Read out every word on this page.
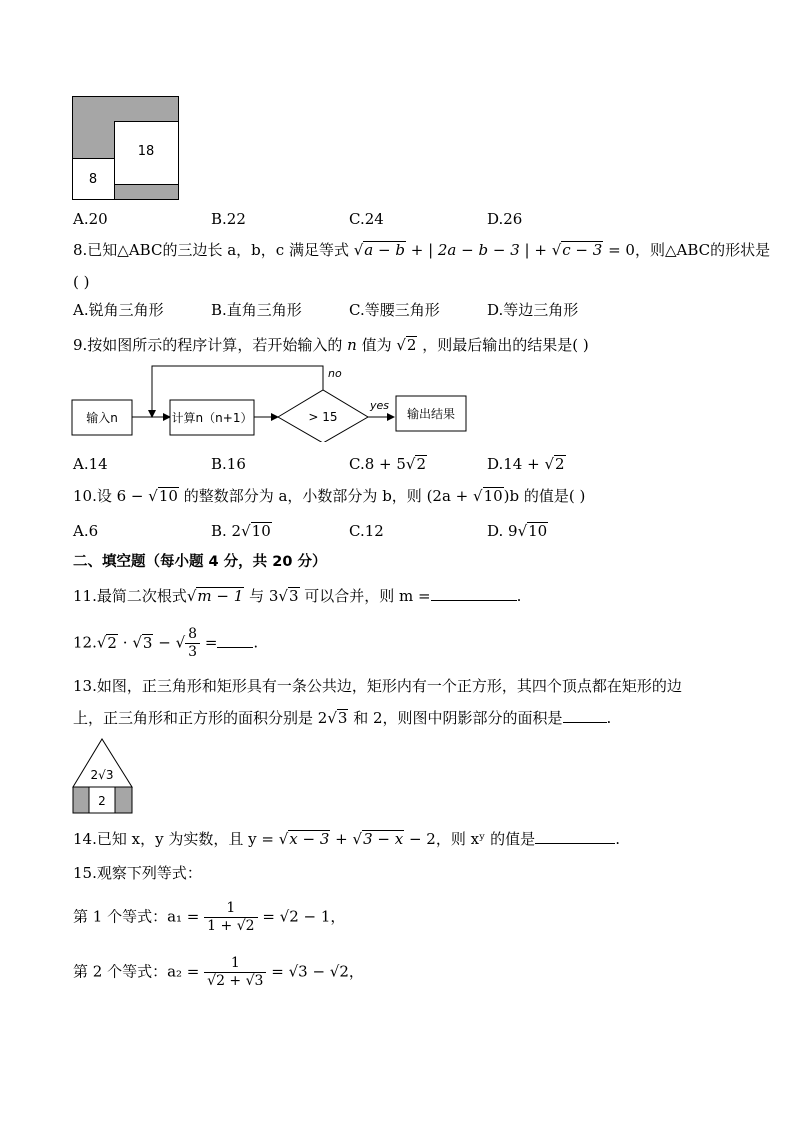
18
8
A.20	B.22	C.24	D.26
8.已知△ABC的三边长 a，b，c 满足等式 √a − b + | 2a − b − 3 | + √c − 3 = 0，则△ABC的形状是
( )
A.锐角三角形	B.直角三角形	C.等腰三角形	D.等边三角形
9.按如图所示的程序计算，若开始输入的 n 值为 √2 ，则最后输出的结果是( )
输入n	计算n（n+1）	> 15
no
yes
输出结果
A.14	B.16	C.8 + 5√2	D.14 + √2
10.设 6 − √10 的整数部分为 a，小数部分为 b，则 (2a + √10)b 的值是( )
A.6	B. 2√10	C.12	D. 9√10
二、填空题（每小题 4 分，共 20 分）
11.最简二次根式√m − 1 与 3√3 可以合并，则 m =	.
12.√2 · √3 − √ $\frac{8}{3}$ = .
13.如图，正三角形和矩形具有一条公共边，矩形内有一个正方形，其四个顶点都在矩形的边
上，正三角形和正方形的面积分别是 2√3 和 2，则图中阴影部分的面积是	.
2√3
2
14.已知 x，y 为实数，且 y = √x − 3 + √3 − x − 2，则 xʸ 的值是	.
15.观察下列等式：
第 1 个等式：$a_1 = \frac{1}{1 + √2} = √2 - 1$，
第 2 个等式：$a_2 = \frac{1}{√2 + √3} = √3 - √2$，
